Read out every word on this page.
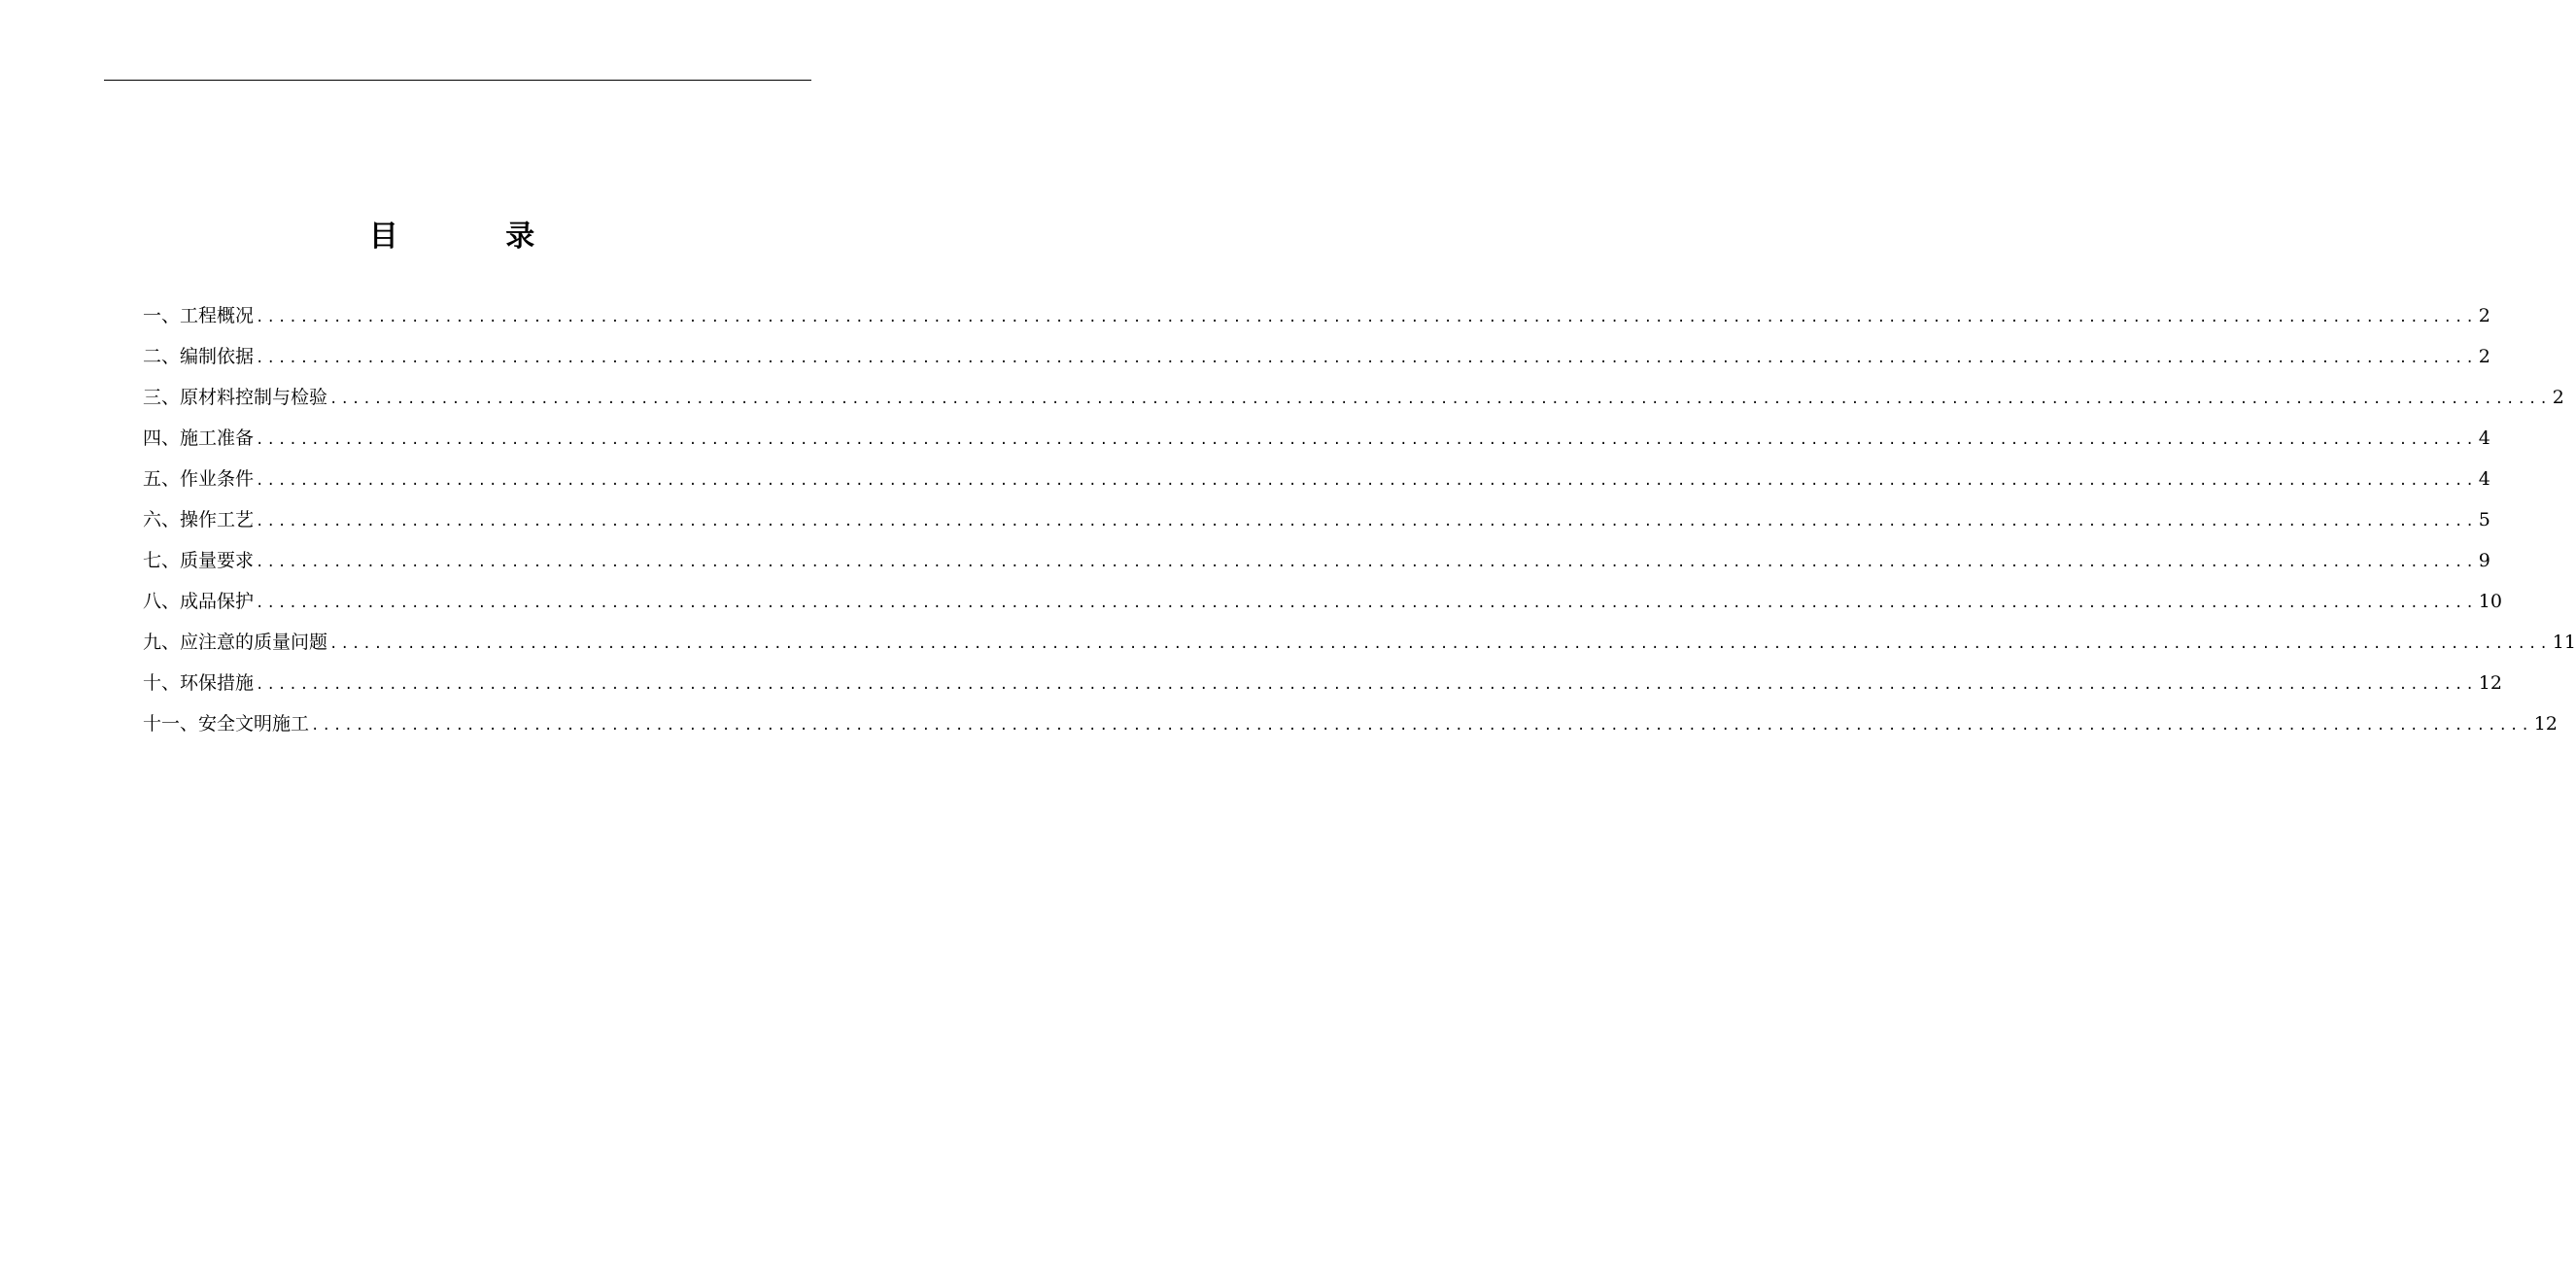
目 录
一、工程概况 ........................................................................................................................................................................................................ 2
二、编制依据 ........................................................................................................................................................................................................ 2
三、原材料控制与检验 ........................................................................................................................................................................................................ 2
四、施工准备 ........................................................................................................................................................................................................ 4
五、作业条件 ........................................................................................................................................................................................................ 4
六、操作工艺 ........................................................................................................................................................................................................ 5
七、质量要求 ........................................................................................................................................................................................................ 9
八、成品保护 ........................................................................................................................................................................................................ 10
九、应注意的质量问题 ........................................................................................................................................................................................................ 11
十、环保措施 ........................................................................................................................................................................................................ 12
十一、安全文明施工 ........................................................................................................................................................................................................ 12
